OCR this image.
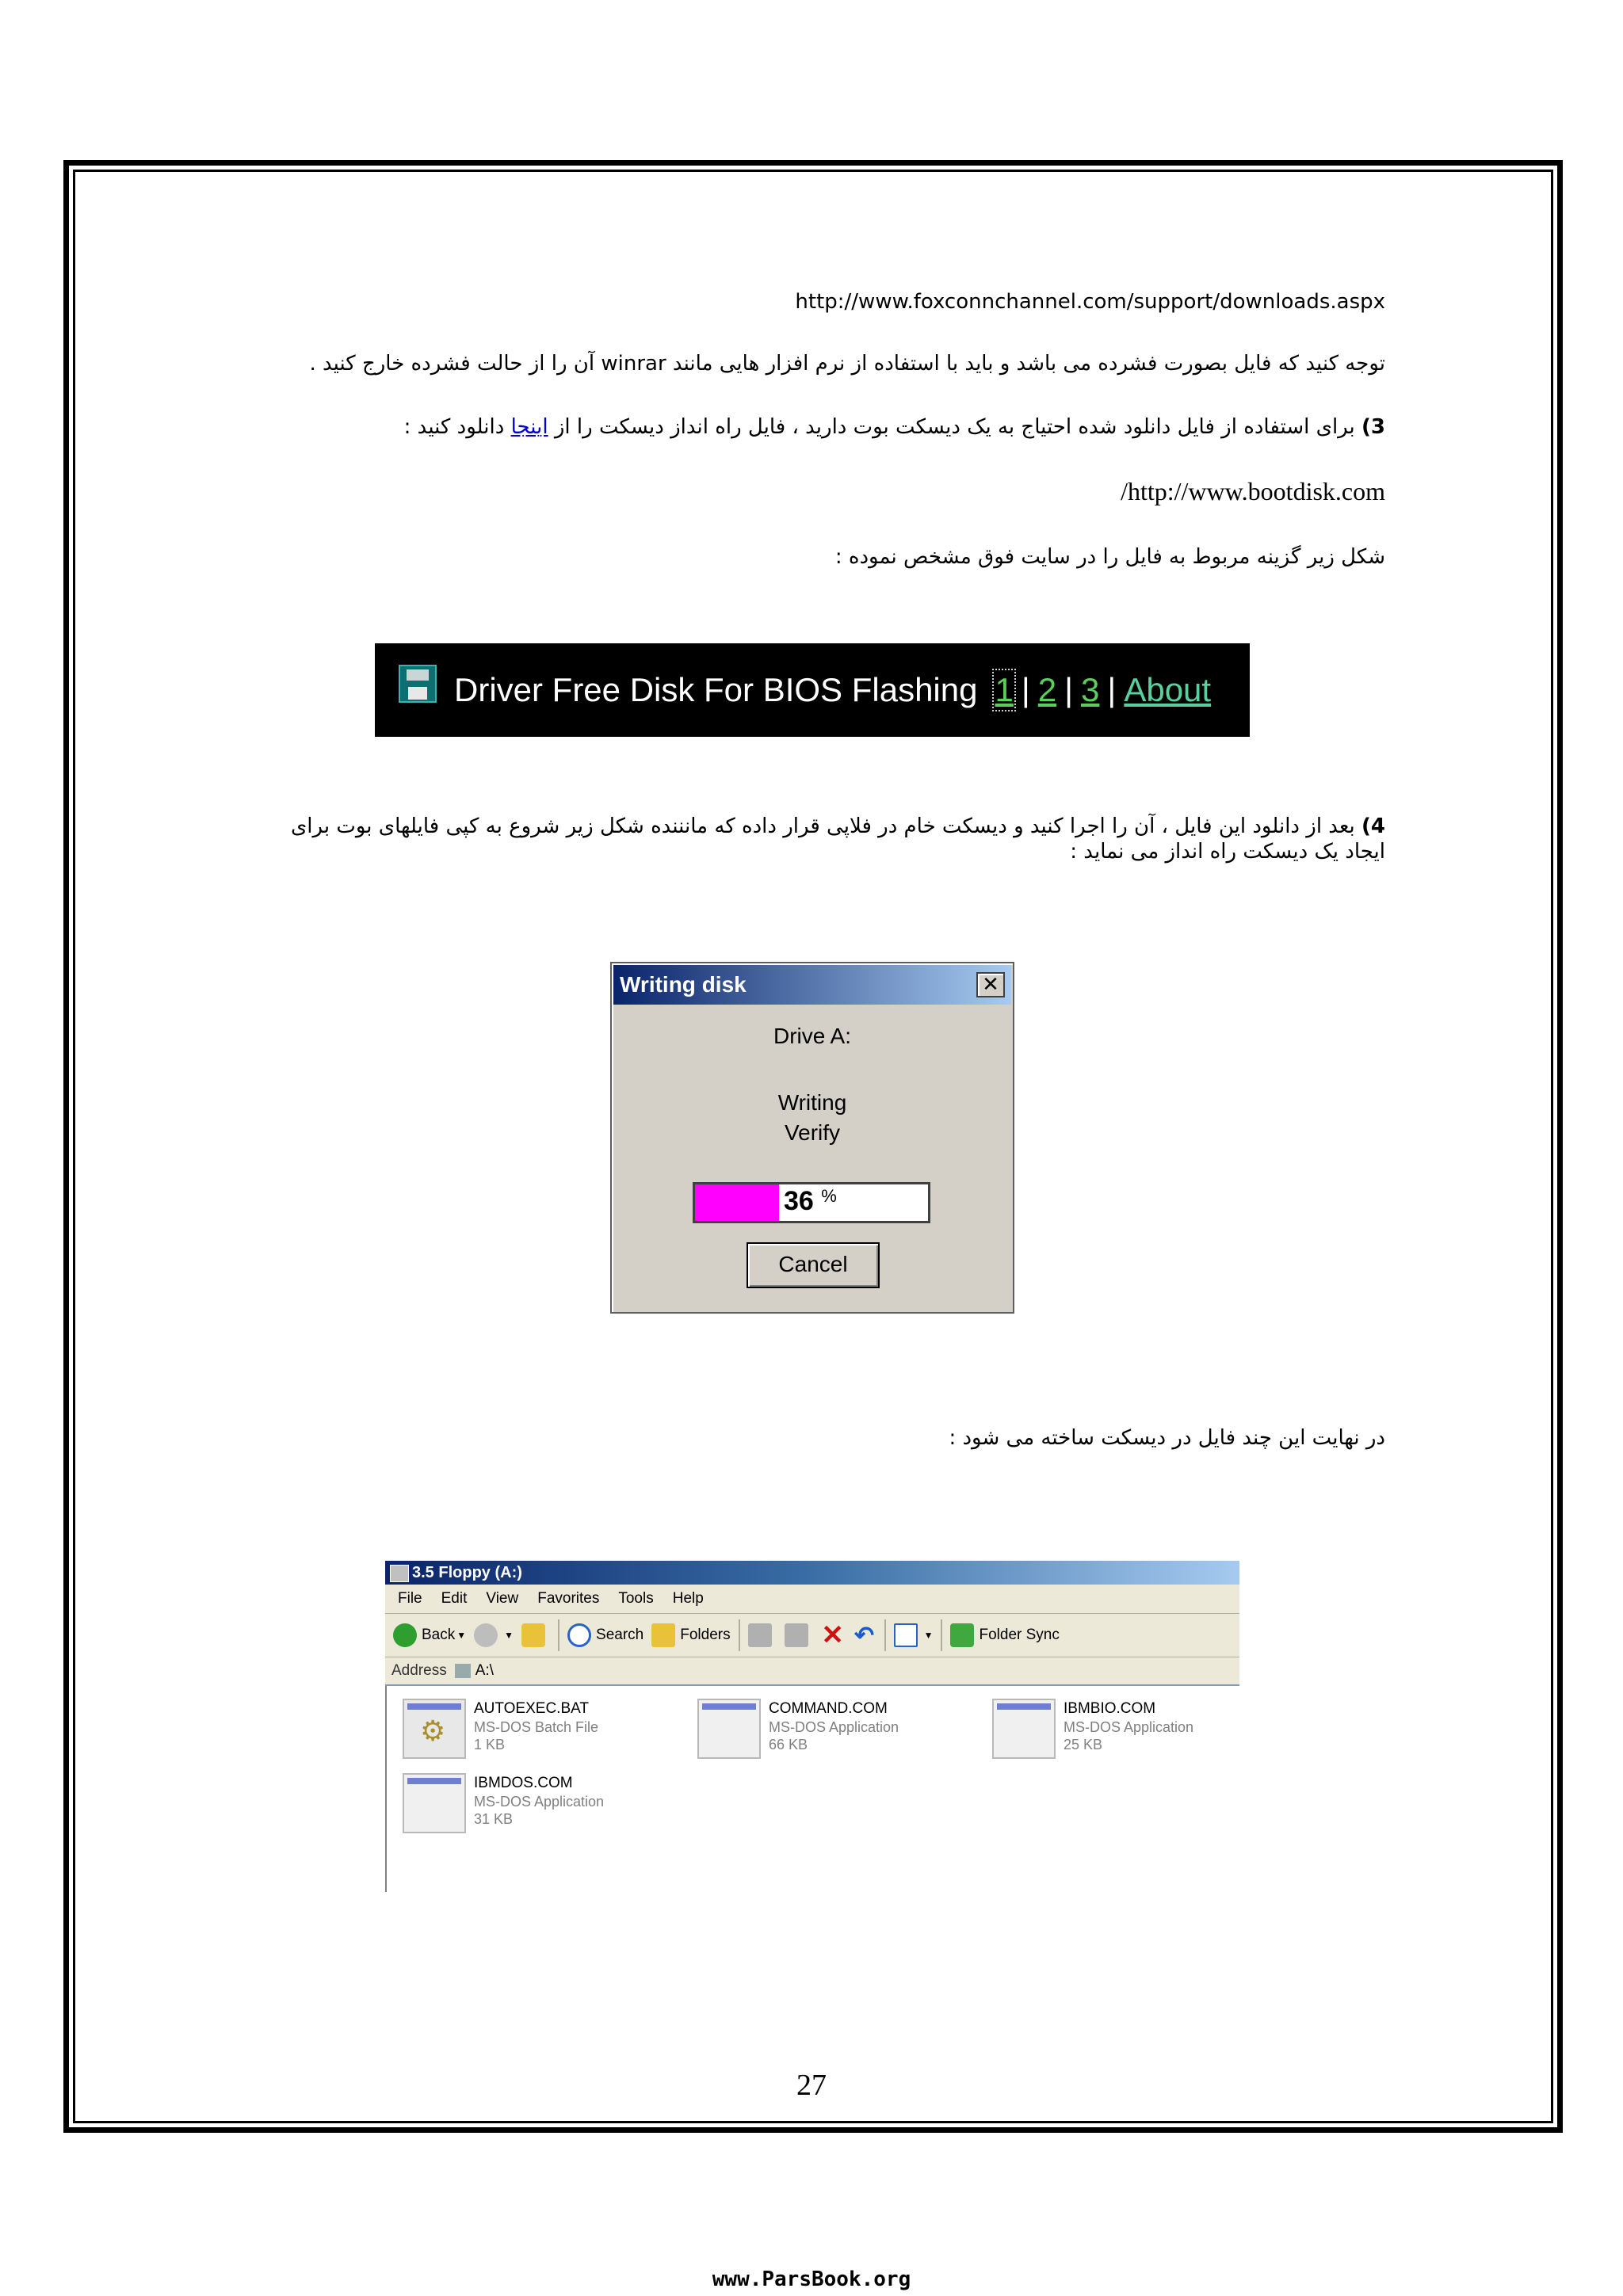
http://www.foxconnchannel.com/support/downloads.aspx
توجه کنید که فایل بصورت فشرده می باشد و باید با استفاده از نرم افزار هایی مانند winrar آن را از حالت فشرده خارج کنید .
3) برای استفاده از فایل دانلود شده احتیاج به یک دیسکت بوت دارید ، فایل راه انداز دیسکت را از اینجا دانلود کنید :
/http://www.bootdisk.com
شکل زیر گزینه مربوط به فایل را در سایت فوق مشخص نموده :
Driver Free Disk For BIOS Flashing 1 | 2 | 3 | About
4) بعد از دانلود این فایل ، آن را اجرا کنید و دیسکت خام در فلاپی قرار داده که مانننده شکل زیر شروع به کپی فایلهای بوت برای
ایجاد یک دیسکت راه انداز می نماید :
Writing disk	✕
Drive A:
Writing
Verify
36 %
Cancel
در نهایت این چند فایل در دیسکت ساخته می شود :
3.5 Floppy (A:)
File Edit View Favorites Tools Help
Back ▼	▼	Search Folders	✕ ↶	▼	Folder Sync
Address A:\
⚙
AUTOEXEC.BAT
MS-DOS Batch File
1 KB
COMMAND.COM
MS-DOS Application
66 KB
IBMBIO.COM
MS-DOS Application
25 KB
IBMDOS.COM
MS-DOS Application
31 KB
27
www.ParsBook.org
